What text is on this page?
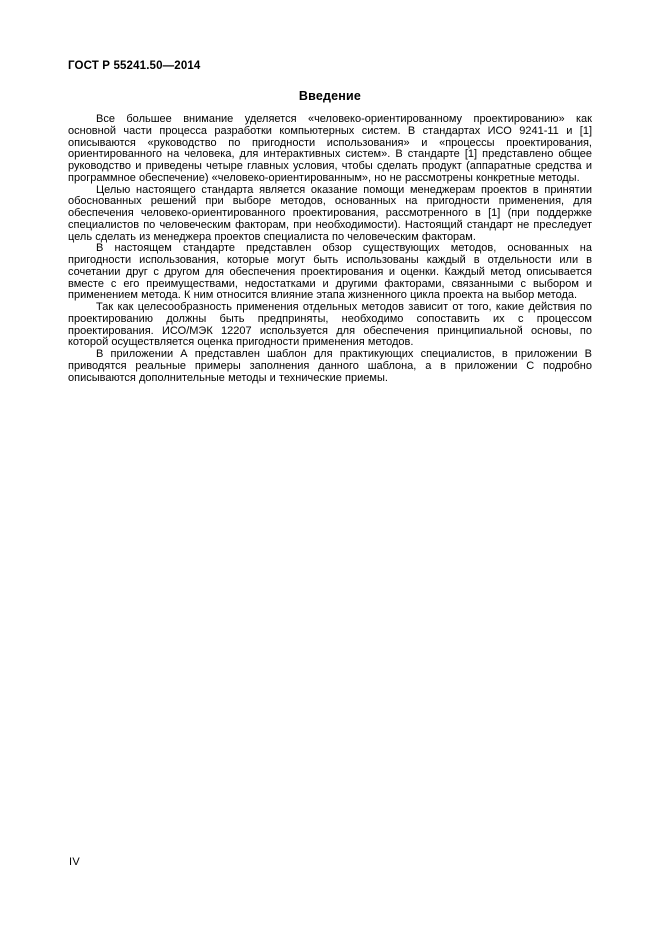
ГОСТ Р 55241.50—2014
Введение

Все большее внимание уделяется «человеко-ориентированному проектированию» как основной части процесса разработки компьютерных систем. В стандартах ИСО 9241-11 и [1] описываются «руководство по пригодности использования» и «процессы проектирования, ориентированного на человека, для интерактивных систем». В стандарте [1] представлено общее руководство и приведены четыре главных условия, чтобы сделать продукт (аппаратные средства и программное обеспечение) «человеко-ориентированным», но не рассмотрены конкретные методы.

Целью настоящего стандарта является оказание помощи менеджерам проектов в принятии обоснованных решений при выборе методов, основанных на пригодности применения, для обеспечения человеко-ориентированного проектирования, рассмотренного в [1] (при поддержке специалистов по человеческим факторам, при необходимости). Настоящий стандарт не преследует цель сделать из менеджера проектов специалиста по человеческим факторам.

В настоящем стандарте представлен обзор существующих методов, основанных на пригодности использования, которые могут быть использованы каждый в отдельности или в сочетании друг с другом для обеспечения проектирования и оценки. Каждый метод описывается вместе с его преимуществами, недостатками и другими факторами, связанными с выбором и применением метода. К ним относится влияние этапа жизненного цикла проекта на выбор метода.

Так как целесообразность применения отдельных методов зависит от того, какие действия по проектированию должны быть предприняты, необходимо сопоставить их с процессом проектирования. ИСО/МЭК 12207 используется для обеспечения принципиальной основы, по которой осуществляется оценка пригодности применения методов.

В приложении А представлен шаблон для практикующих специалистов, в приложении В приводятся реальные примеры заполнения данного шаблона, а в приложении С подробно описываются дополнительные методы и технические приемы.

IV
